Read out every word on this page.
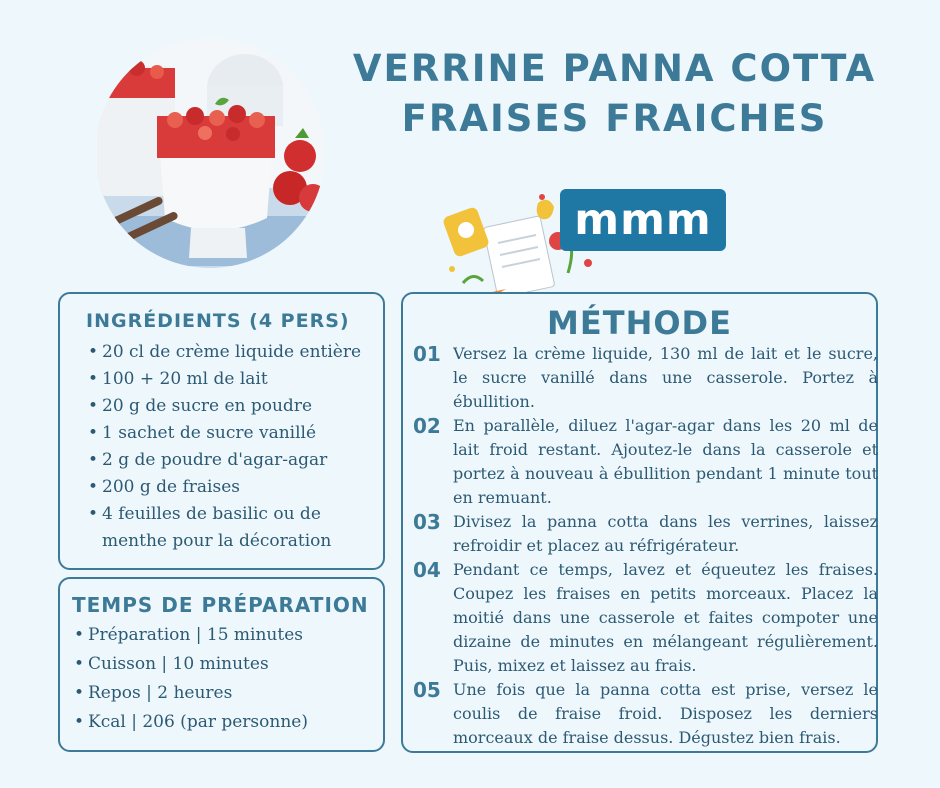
VERRINE PANNA COTTA
FRAISES FRAICHES
mmm
INGRÉDIENTS (4 PERS)
• 20 cl de crème liquide entière
• 100 + 20 ml de lait
• 20 g de sucre en poudre
• 1 sachet de sucre vanillé
• 2 g de poudre d'agar-agar
• 200 g de fraises
• 4 feuilles de basilic ou de menthe pour la décoration
TEMPS DE PRÉPARATION
• Préparation | 15 minutes
• Cuisson | 10 minutes
• Repos | 2 heures
• Kcal | 206 (par personne)
MÉTHODE
01 Versez la crème liquide, 130 ml de lait et le sucre, le sucre vanillé dans une casserole. Portez à ébullition.
02 En parallèle, diluez l'agar-agar dans les 20 ml de lait froid restant. Ajoutez-le dans la casserole et portez à nouveau à ébullition pendant 1 minute tout en remuant.
03 Divisez la panna cotta dans les verrines, laissez refroidir et placez au réfrigérateur.
04 Pendant ce temps, lavez et équeutez les fraises. Coupez les fraises en petits morceaux. Placez la moitié dans une casserole et faites compoter une dizaine de minutes en mélangeant régulièrement. Puis, mixez et laissez au frais.
05 Une fois que la panna cotta est prise, versez le coulis de fraise froid. Disposez les derniers morceaux de fraise dessus. Dégustez bien frais.
